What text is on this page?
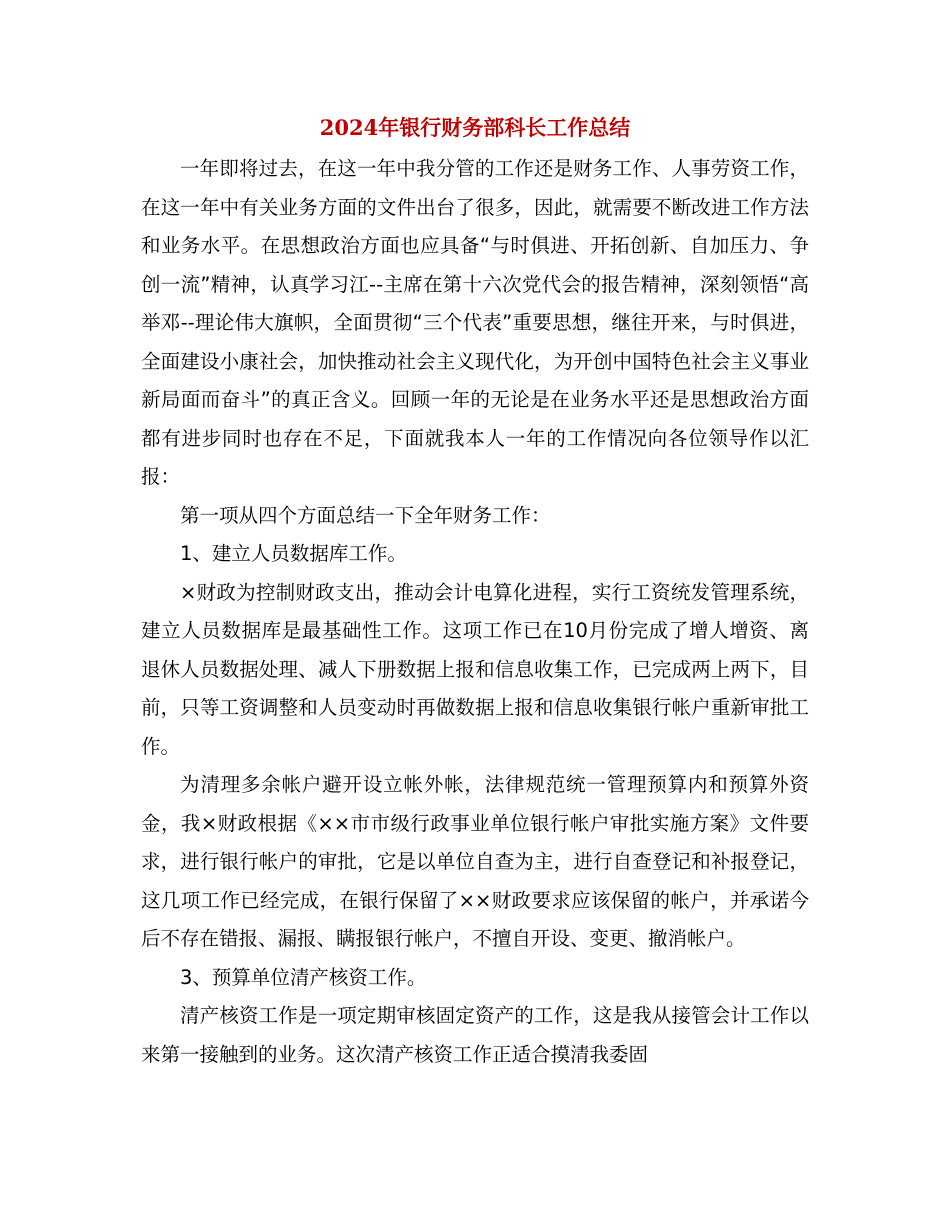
2024年银行财务部科长工作总结

一年即将过去，在这一年中我分管的工作还是财务工作、人事劳资工作，在这一年中有关业务方面的文件出台了很多，因此，就需要不断改进工作方法和业务水平。在思想政治方面也应具备“与时俱进、开拓创新、自加压力、争创一流”精神，认真学习江--主席在第十六次党代会的报告精神，深刻领悟“高举邓--理论伟大旗帜，全面贯彻“三个代表”重要思想，继往开来，与时俱进，全面建设小康社会，加快推动社会主义现代化，为开创中国特色社会主义事业新局面而奋斗”的真正含义。回顾一年的无论是在业务水平还是思想政治方面都有进步同时也存在不足，下面就我本人一年的工作情况向各位领导作以汇报：

第一项从四个方面总结一下全年财务工作：

1、建立人员数据库工作。

×财政为控制财政支出，推动会计电算化进程，实行工资统发管理系统，建立人员数据库是最基础性工作。这项工作已在10月份完成了增人增资、离退休人员数据处理、减人下册数据上报和信息收集工作，已完成两上两下，目前，只等工资调整和人员变动时再做数据上报和信息收集银行帐户重新审批工作。

为清理多余帐户避开设立帐外帐，法律规范统一管理预算内和预算外资金，我×财政根据《××市市级行政事业单位银行帐户审批实施方案》文件要求，进行银行帐户的审批，它是以单位自查为主，进行自查登记和补报登记，这几项工作已经完成，在银行保留了××财政要求应该保留的帐户，并承诺今后不存在错报、漏报、瞒报银行帐户，不擅自开设、变更、撤消帐户。

3、预算单位清产核资工作。

清产核资工作是一项定期审核固定资产的工作，这是我从接管会计工作以来第一接触到的业务。这次清产核资工作正适合摸清我委固
